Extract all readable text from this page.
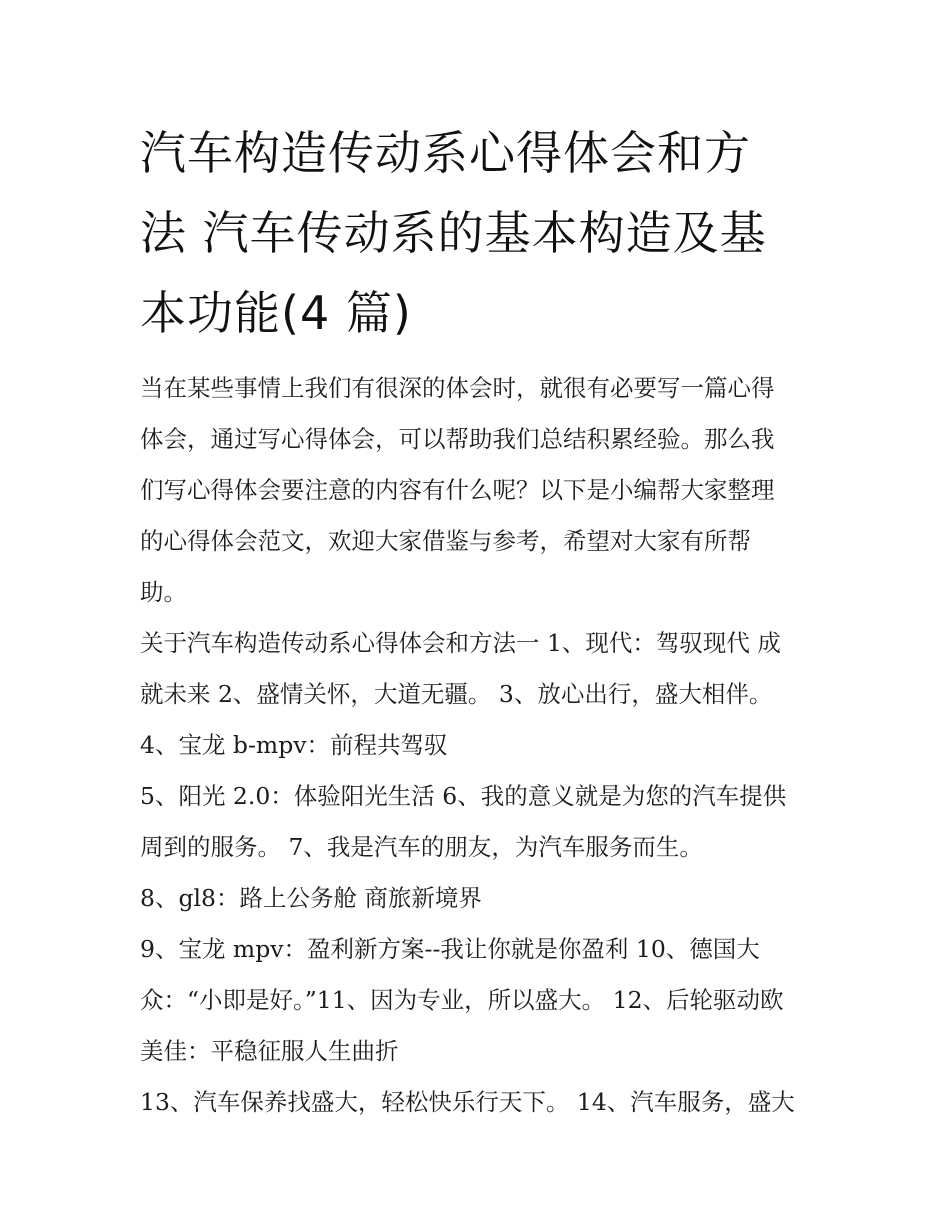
汽车构造传动系心得体会和方
法 汽车传动系的基本构造及基
本功能(4 篇)

当在某些事情上我们有很深的体会时，就很有必要写一篇心得
体会，通过写心得体会，可以帮助我们总结积累经验。那么我
们写心得体会要注意的内容有什么呢？以下是小编帮大家整理
的心得体会范文，欢迎大家借鉴与参考，希望对大家有所帮
助。

关于汽车构造传动系心得体会和方法一 1、现代：驾驭现代 成
就未来 2、盛情关怀，大道无疆。 3、放心出行，盛大相伴。

4、宝龙 b-mpv：前程共驾驭

5、阳光 2.0：体验阳光生活 6、我的意义就是为您的汽车提供
周到的服务。 7、我是汽车的朋友，为汽车服务而生。

8、gl8：路上公务舱 商旅新境界

9、宝龙 mpv：盈利新方案--我让你就是你盈利 10、德国大
众：“小即是好。”11、因为专业，所以盛大。 12、后轮驱动欧
美佳：平稳征服人生曲折

13、汽车保养找盛大，轻松快乐行天下。 14、汽车服务，盛大
